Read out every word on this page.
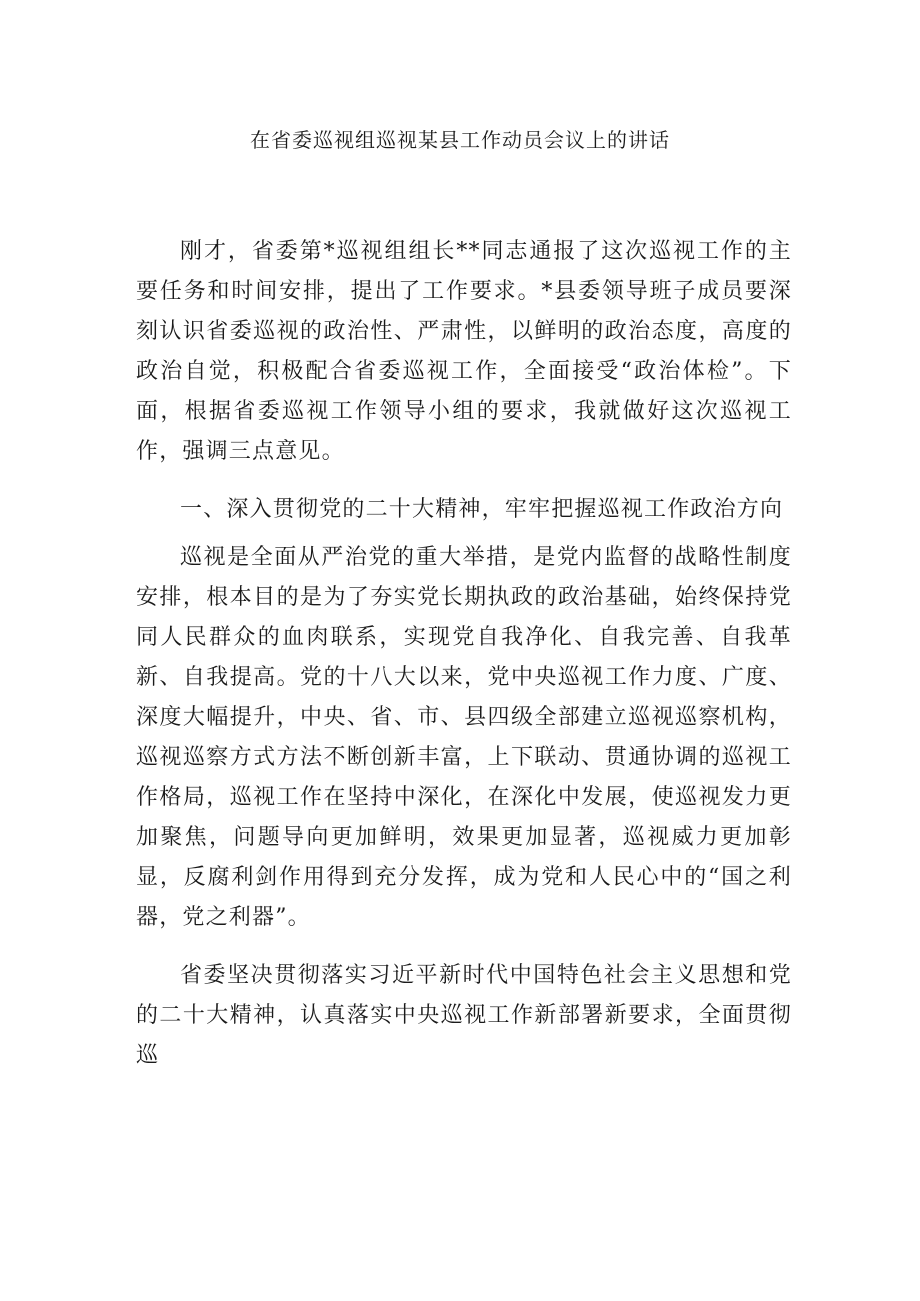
在省委巡视组巡视某县工作动员会议上的讲话

刚才，省委第*巡视组组长**同志通报了这次巡视工作的主要任务和时间安排，提出了工作要求。*县委领导班子成员要深刻认识省委巡视的政治性、严肃性，以鲜明的政治态度，高度的政治自觉，积极配合省委巡视工作，全面接受“政治体检”。下面，根据省委巡视工作领导小组的要求，我就做好这次巡视工作，强调三点意见。

一、深入贯彻党的二十大精神，牢牢把握巡视工作政治方向

巡视是全面从严治党的重大举措，是党内监督的战略性制度安排，根本目的是为了夯实党长期执政的政治基础，始终保持党同人民群众的血肉联系，实现党自我净化、自我完善、自我革新、自我提高。党的十八大以来，党中央巡视工作力度、广度、深度大幅提升，中央、省、市、县四级全部建立巡视巡察机构，巡视巡察方式方法不断创新丰富，上下联动、贯通协调的巡视工作格局，巡视工作在坚持中深化，在深化中发展，使巡视发力更加聚焦，问题导向更加鲜明，效果更加显著，巡视威力更加彰显，反腐利剑作用得到充分发挥，成为党和人民心中的“国之利器，党之利器”。

省委坚决贯彻落实习近平新时代中国特色社会主义思想和党的二十大精神，认真落实中央巡视工作新部署新要求，全面贯彻巡
